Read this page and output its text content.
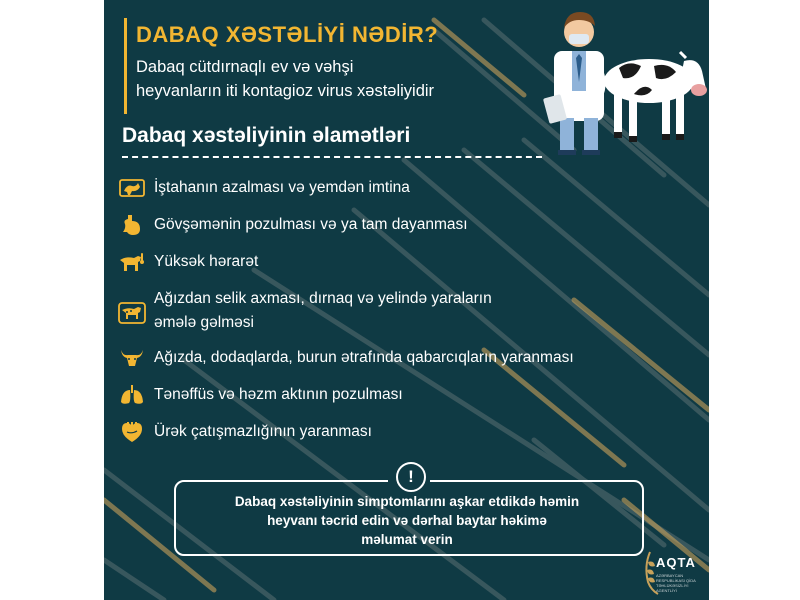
DABAQ XƏSTƏLİYİ NƏDİR?
Dabaq cütdırnaqlı ev və vəhşi
heyvanların iti kontagioz virus xəstəliyidir
Dabaq xəstəliyinin əlamətləri
İştahanın azalması və yemdən imtina
Gövşəmənin pozulması və ya tam dayanması
Yüksək hərarət
Ağızdan selik axması, dırnaq və yelində yaraların
əmələ gəlməsi
Ağızda, dodaqlarda, burun ətrafında qabarcıqların yaranması
Tənəffüs və həzm aktının pozulması
Ürək çatışmazlığının yaranması
!
Dabaq xəstəliyinin simptomlarını aşkar etdikdə həmin
heyvanı təcrid edin və dərhal baytar həkimə
məlumat verin
AQTA
AZƏRBAYCAN RESPUBLİKASI QİDA TƏHLÜKƏSİZLİYİ AGENTLİYİ
